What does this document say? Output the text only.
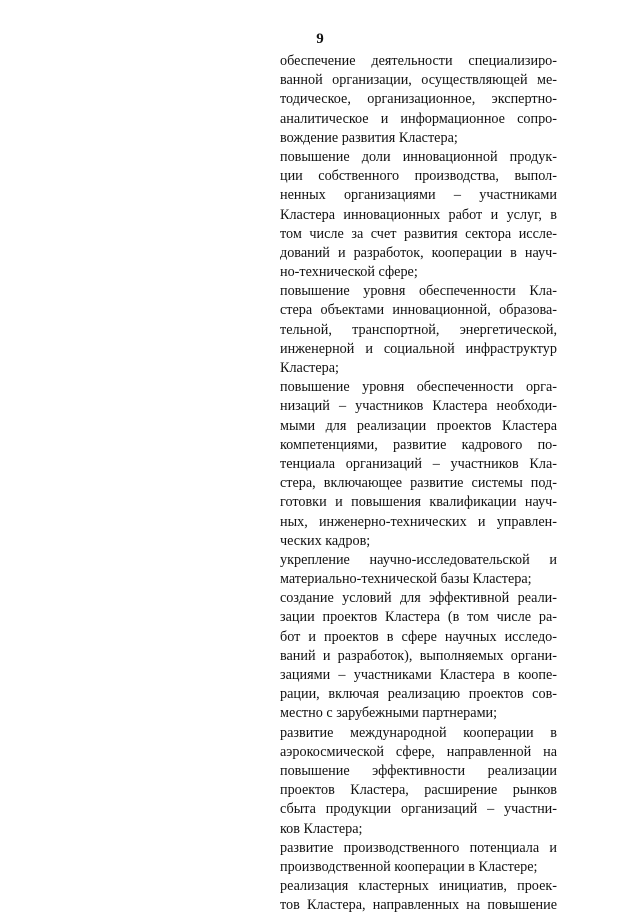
9
обеспечение деятельности специализиро-
ванной организации, осуществляющей ме-
тодическое, организационное, экспертно-
аналитическое и информационное сопро-
вождение развития Кластера;
повышение доли инновационной продук-
ции собственного производства, выпол-
ненных организациями – участниками
Кластера инновационных работ и услуг, в
том числе за счет развития сектора иссле-
дований и разработок, кооперации в науч-
но-технической сфере;
повышение уровня обеспеченности Кла-
стера объектами инновационной, образова-
тельной, транспортной, энергетической,
инженерной и социальной инфраструктур
Кластера;
повышение уровня обеспеченности орга-
низаций – участников Кластера необходи-
мыми для реализации проектов Кластера
компетенциями, развитие кадрового по-
тенциала организаций – участников Кла-
стера, включающее развитие системы под-
готовки и повышения квалификации науч-
ных, инженерно-технических и управлен-
ческих кадров;
укрепление научно-исследовательской и
материально-технической базы Кластера;
создание условий для эффективной реали-
зации проектов Кластера (в том числе ра-
бот и проектов в сфере научных исследо-
ваний и разработок), выполняемых органи-
зациями – участниками Кластера в коопе-
рации, включая реализацию проектов сов-
местно с зарубежными партнерами;
развитие международной кооперации в
аэрокосмической сфере, направленной на
повышение эффективности реализации
проектов Кластера, расширение рынков
сбыта продукции организаций – участни-
ков Кластера;
развитие производственного потенциала и
производственной кооперации в Кластере;
реализация кластерных инициатив, проек-
тов Кластера, направленных на повышение
